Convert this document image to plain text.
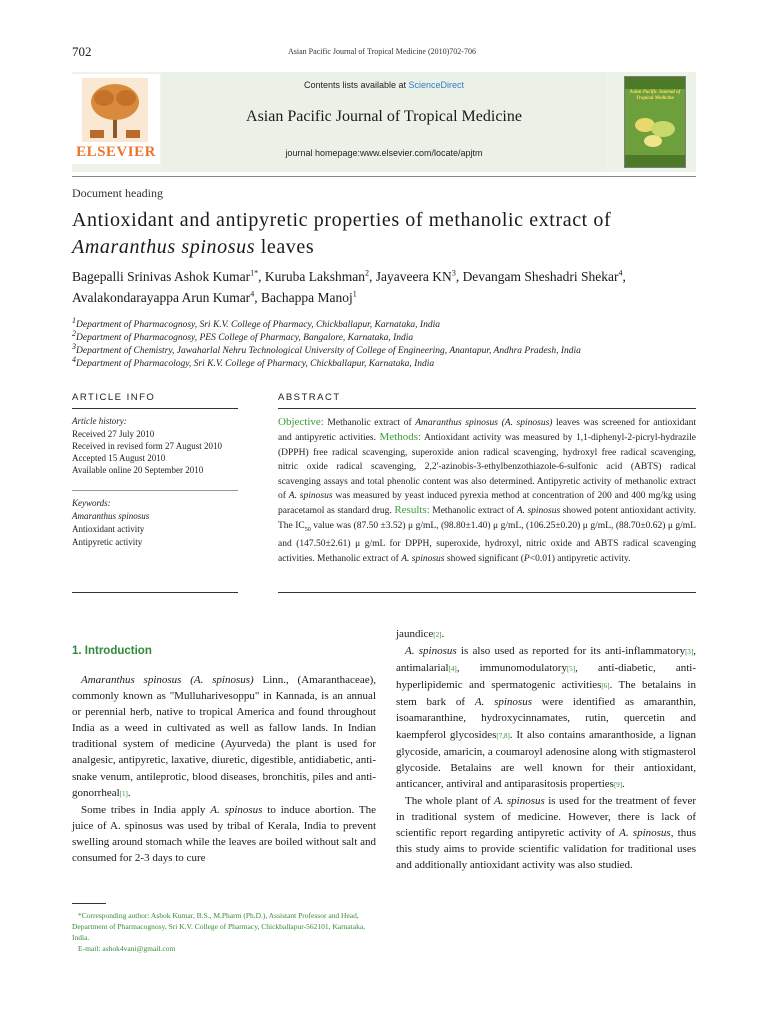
702	Asian Pacific Journal of Tropical Medicine (2010)702-706
ELSEVIER
Contents lists available at ScienceDirect
Asian Pacific Journal of Tropical Medicine
journal homepage:www.elsevier.com/locate/apjtm
Asian Pacific Journal of Tropical Medicine
Document heading
Antioxidant and antipyretic properties of methanolic extract of
Amaranthus spinosus leaves
Bagepalli Srinivas Ashok Kumar$^{1*}$, Kuruba Lakshman$^2$, Jayaveera $KN^3$, Devangam Sheshadri Shekar$^4$,
Avalakondarayappa Arun Kumar$^4$, Bachappa Manoj$^1$
$^1$Department of Pharmacognosy, Sri K.V. College of Pharmacy, Chickballapur, Karnataka, India
$^2$Department of Pharmacognosy, PES College of Pharmacy, Bangalore, Karnataka, India
$^3$Department of Chemistry, Jawaharlal Nehru Technological University of College of Engineering, Anantapur, Andhra Pradesh, India
$^4$Department of Pharmacology, Sri K.V. College of Pharmacy, Chickballapur, Karnataka, India
ARTICLE INFO
Article history:
Received 27 July 2010
Received in revised form 27 August 2010
Accepted 15 August 2010
Available online 20 September 2010
Keywords:
Amaranthus spinosus
Antioxidant activity
Antipyretic activity
ABSTRACT
Objective: Methanolic extract of Amaranthus spinosus (A. spinosus) leaves was screened for antioxidant and antipyretic activities. Methods: Antioxidant activity was measured by 1,1-diphenyl-2-picryl-hydrazile (DPPH) free radical scavenging, superoxide anion radical scavenging, hydroxyl free radical scavenging, nitric oxide radical scavenging, 2,2'-azinobis-3-ethylbenzothiazole-6-sulfonic acid (ABTS) radical scavenging assays and total phenolic content was also determined. Antipyretic activity of methanolic extract of A. spinosus was measured by yeast induced pyrexia method at concentration of 200 and 400 mg/kg using paracetamol as standard drug. Results: Methanolic extract of A. spinosus showed potent antioxidant activity. The $IC_{50}$ value was (87.50 ±3.52) μ g/mL, (98.80±1.40) μ g/mL, (106.25±0.20) μ g/mL, (88.70±0.62) μ g/mL and (147.50±2.61) μ g/mL for DPPH, superoxide, hydroxyl, nitric oxide and ABTS radical scavenging activities. Methanolic extract of A. spinosus showed significant (P<0.01) antipyretic activity.
1. Introduction

Amaranthus spinosus (A. spinosus) Linn., (Amaranthaceae), commonly known as "Mulluharivesoppu" in Kannada, is an annual or perennial herb, native to tropical America and found throughout India as a weed in cultivated as well as fallow lands. In Indian traditional system of medicine (Ayurveda) the plant is used for analgesic, antipyretic, laxative, diuretic, digestible, antidiabetic, anti-snake venum, antileprotic, blood diseases, bronchitis, piles and anti-gonorrheal[1].

Some tribes in India apply A. spinosus to induce abortion. The juice of A. spinosus was used by tribal of Kerala, India to prevent swelling around stomach while the leaves are boiled without salt and consumed for 2-3 days to cure

jaundice[2].

A. spinosus is also used as reported for its anti-inflammatory[3], antimalarial[4], immunomodulatory[5], anti-diabetic, anti-hyperlipidemic and spermatogenic activities[6]. The betalains in stem bark of A. spinosus were identified as amaranthin, isoamaranthine, hydroxycinnamates, rutin, quercetin and kaempferol glycosides[7,8]. It also contains amaranthoside, a lignan glycoside, amaricin, a coumaroyl adenosine along with stigmasterol glycoside. Betalains are well known for their antioxidant, anticancer, antiviral and antiparasitosis properties[9].

The whole plant of A. spinosus is used for the treatment of fever in traditional system of medicine. However, there is lack of scientific report regarding antipyretic activity of A. spinosus, thus this study aims to provide scientific validation for traditional uses and additionally antioxidant activity was also studied.

*Corresponding author: Ashok Kumar, B.S., M.Pharm (Ph.D.), Assistant Professor and Head, Department of Pharmacognosy, Sri K.V. College of Pharmacy, Chickballapur-562101, Karnataka, India.
E-mail: ashok4vani@gmail.com
